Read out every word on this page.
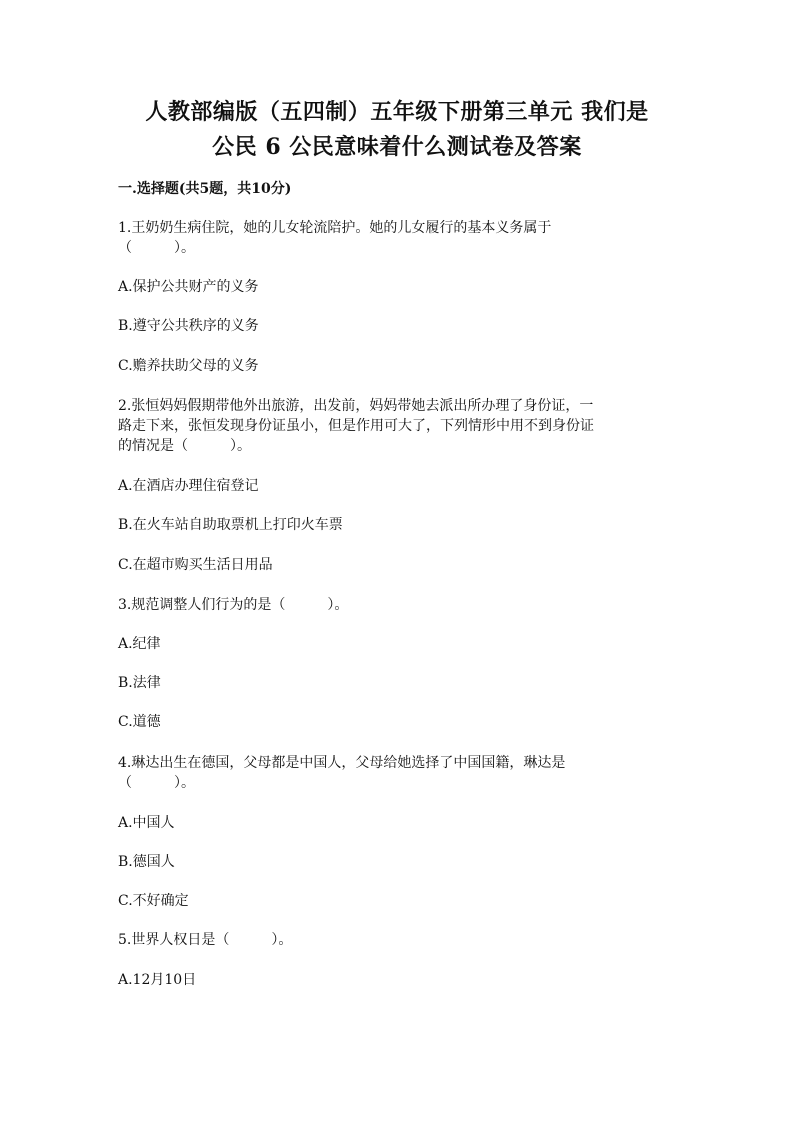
人教部编版（五四制）五年级下册第三单元 我们是
公民 6 公民意味着什么测试卷及答案
一.选择题(共5题，共10分)
1.王奶奶生病住院，她的儿女轮流陪护。她的儿女履行的基本义务属于
（　　　）。
A.保护公共财产的义务
B.遵守公共秩序的义务
C.赡养扶助父母的义务
2.张恒妈妈假期带他外出旅游，出发前，妈妈带她去派出所办理了身份证，一
路走下来，张恒发现身份证虽小，但是作用可大了，下列情形中用不到身份证
的情况是（　　　）。
A.在酒店办理住宿登记
B.在火车站自助取票机上打印火车票
C.在超市购买生活日用品
3.规范调整人们行为的是（　　　）。
A.纪律
B.法律
C.道德
4.琳达出生在德国，父母都是中国人，父母给她选择了中国国籍，琳达是
（　　　）。
A.中国人
B.德国人
C.不好确定
5.世界人权日是（　　　）。
A.12月10日
